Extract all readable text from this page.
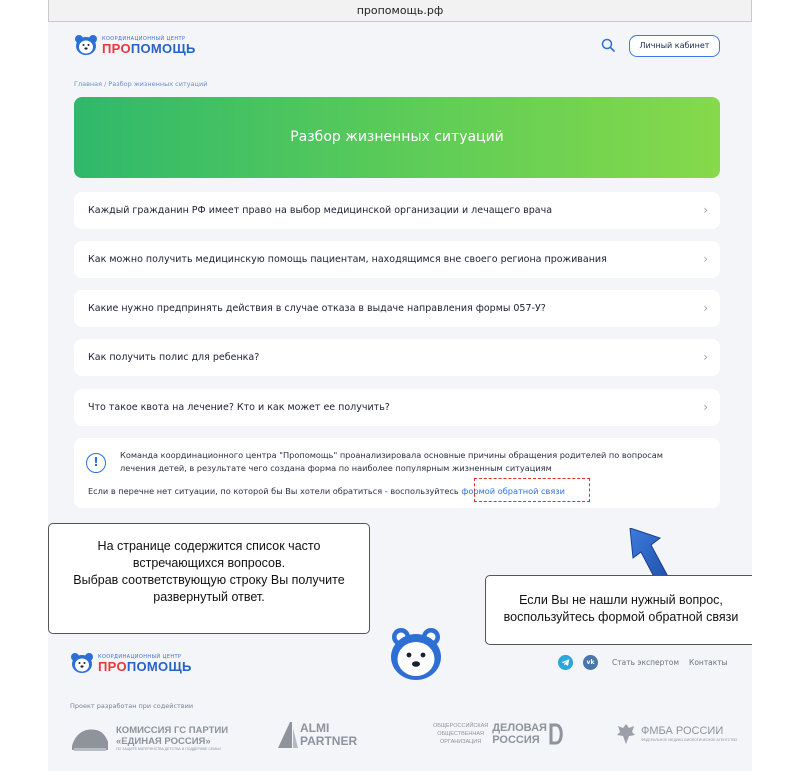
пропомощь.рф
КООРДИНАЦИОННЫЙ ЦЕНТР
ПРОПОМОЩЬ	Личный кабинет
Главная / Разбор жизненных ситуаций
Разбор жизненных ситуаций
Каждый гражданин РФ имеет право на выбор медицинской организации и лечащего врача	›
Как можно получить медицинскую помощь пациентам, находящимся вне своего региона проживания	›
Какие нужно предпринять действия в случае отказа в выдаче направления формы 057-У?	›
Как получить полис для ребенка?	›
Что такое квота на лечение? Кто и как может ее получить?	›
!	Команда координационного центра "Пропомощь" проанализировала основные причины обращения родителей по вопросам лечения детей, в результате чего создана форма по наиболее популярным жизненным ситуациям
Если в перечне нет ситуации, по которой бы Вы хотели обратиться - воспользуйтесь формой обратной связи
На странице содержится список часто
встречающихся вопросов.
Выбрав соответствующую строку Вы получите
развернутый ответ.	Если Вы не нашли нужный вопрос,
воспользуйтесь формой обратной связи
КООРДИНАЦИОННЫЙ ЦЕНТР
ПРОПОМОЩЬ	vk	Стать экспертом Контакты
Проект разработан при содействии
КОМИССИЯ ГС ПАРТИИ
«ЕДИНАЯ РОССИЯ»
ПО ЗАЩИТЕ МАТЕРИНСТВА ДЕТСТВА И ПОДДЕРЖКЕ СЕМЬИ
ALMI
PARTNER
ОБЩЕРОССИЙСКАЯ
ОБЩЕСТВЕННАЯ
ОРГАНИЗАЦИЯ
ДЕЛОВАЯ
РОССИЯ
ФМБА РОССИИ
ФЕДЕРАЛЬНОЕ МЕДИКО-БИОЛОГИЧЕСКОЕ АГЕНТСТВО
